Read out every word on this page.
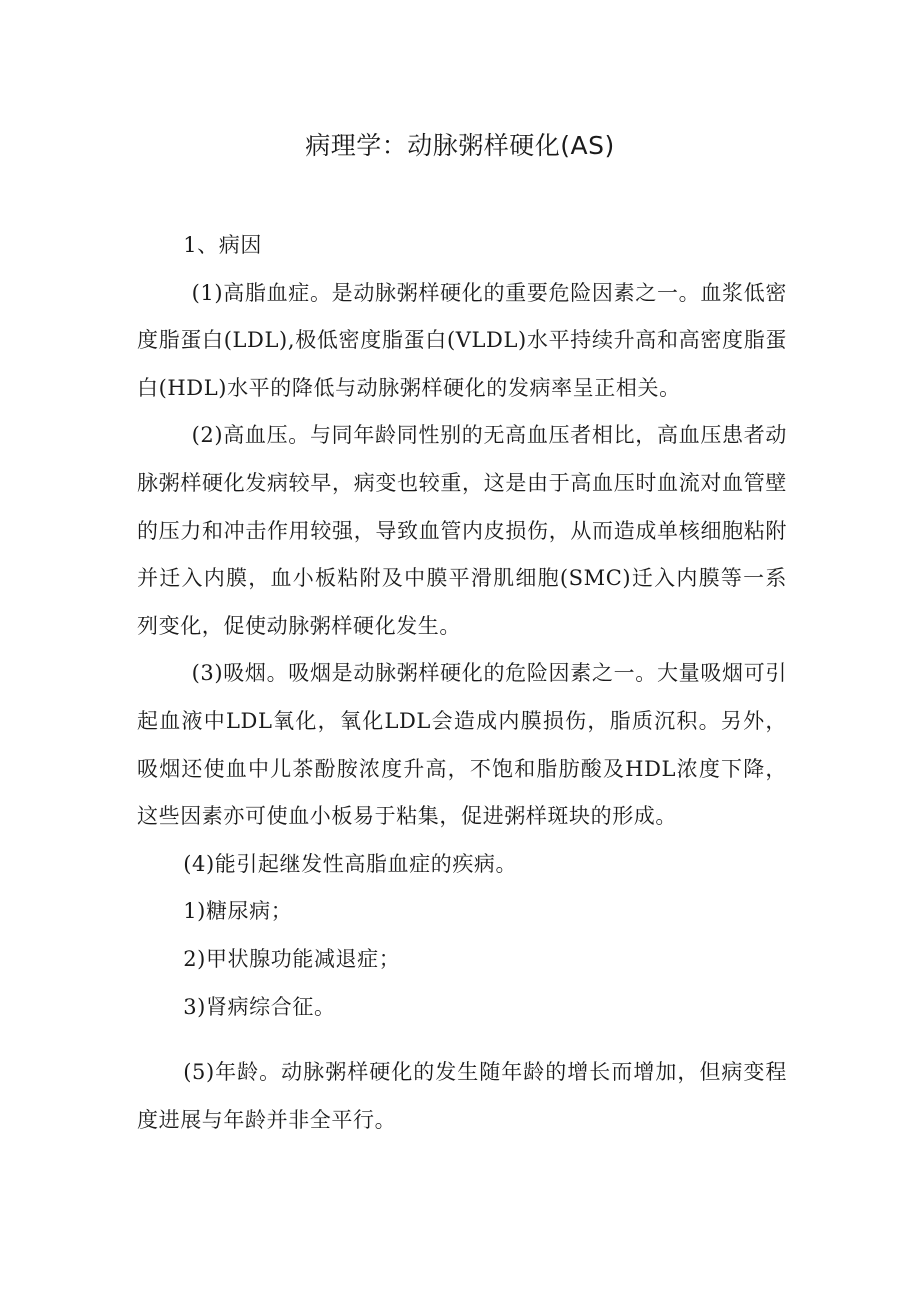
病理学：动脉粥样硬化(AS)

1、病因

(1)高脂血症。是动脉粥样硬化的重要危险因素之一。血浆低密度脂蛋白(LDL),极低密度脂蛋白(VLDL)水平持续升高和高密度脂蛋白(HDL)水平的降低与动脉粥样硬化的发病率呈正相关。

(2)高血压。与同年龄同性别的无高血压者相比，高血压患者动脉粥样硬化发病较早，病变也较重，这是由于高血压时血流对血管壁的压力和冲击作用较强，导致血管内皮损伤，从而造成单核细胞粘附并迁入内膜，血小板粘附及中膜平滑肌细胞(SMC)迁入内膜等一系列变化，促使动脉粥样硬化发生。

(3)吸烟。吸烟是动脉粥样硬化的危险因素之一。大量吸烟可引起血液中LDL氧化，氧化LDL会造成内膜损伤，脂质沉积。另外，吸烟还使血中儿茶酚胺浓度升高，不饱和脂肪酸及HDL浓度下降，这些因素亦可使血小板易于粘集，促进粥样斑块的形成。

(4)能引起继发性高脂血症的疾病。

1)糖尿病；

2)甲状腺功能减退症；

3)肾病综合征。

(5)年龄。动脉粥样硬化的发生随年龄的增长而增加，但病变程度进展与年龄并非全平行。
